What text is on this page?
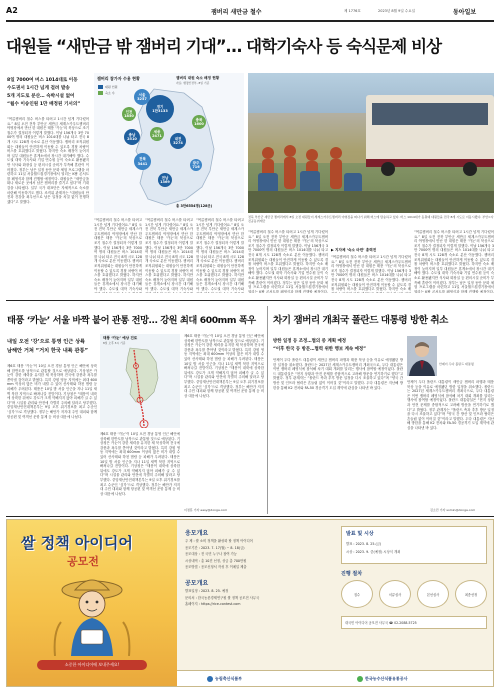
A2	잼버리 새만금 철수	제 1776호	2023년 8월 9일 수요일	동아일보
대원들 “새만금 밖 잼버리 기대”… 대학기숙사 등 숙식문제 비상
8일 7000여 버스 1014대로 이동
수도권서 1시간 넘게 걸려 발송
5개 지도로 분산… 숙박시설 없어
“월수 이송인원 1만 배정된 기서의”
“여름잼버리 철수 버스를 타려고 1시간 넘게 기다렸어요.” 8일 오전 전북 부안군 새만금 세계스카우트잼버리 야영장에서 만난 한 대원은 태풍 ‘카눈’의 북상으로 조기 철수가 결정되자 이렇게 말했다. 이날 156개국 3만 7000여 명의 대원들은 버스 1014대를 나눠 타고 전국 8개 시도 128개 숙소로 분산 이동했다. 잼버리 조직위원회는 대원들이 안전하게 이동할 수 있도록 경찰 차량이 버스를 호위했다고 밝혔다. 하지만 숙소 배정이 늦어지며 일부 대원들은 휴게소에서 장시간 대기해야 했다. 수도권 대학 기숙사와 기업 연수원 등이 숙소로 활용됐지만 식사와 화장실 등 편의시설 준비가 부족해 혼란이 이어졌다. 정부는 남은 일정 동안 문화 체험 프로그램을 마련하고 11일 서울월드컵경기장에서 열리는 K팝 콘서트를 폐영식과 함께 진행할 예정이다. 대원들은 “새만금을 떠나 새로운 곳에서 남은 잼버리를 즐기고 싶다”며 기대감을 나타냈다. 일부 국가 대표단은 자체적으로 숙소를 마련해 이동하기도 했다. 조직위 관계자는 “대원들의 안전과 건강을 최우선으로 남은 일정을 차질 없이 진행하겠다”고 말했다.
잼버리 참가자 수용 현황	잼버리 대원 숙소 배정 현황
자료: 행정안전부, 8일 기준
대원 인원
숙소 수
경기
1만3133
서울
3257
인천
1850
충남
2510
세종
2471
대전
3274
전북
3441
충북
1600
광주
716
전남
1369
총 3만6554명(128곳)
전북 부안군 새만금 잼버리에서 8일 오전 대원들이 세계스카우트잼버리 야영장을 떠나기 위해 버스에 탑승하고 있다. 버스 1014대가 동원돼 대원들을 전국 8개 시도로 이동시켰다. 부안=사진공동취재단
“여름잼버리 철수 버스를 타려고 1시간 넘게 기다렸어요.” 8일 오전 전북 부안군 새만금 세계스카우트잼버리 야영장에서 만난 한 대원은 태풍 ‘카눈’의 북상으로 조기 철수가 결정되자 이렇게 말했다. 이날 156개국 3만 7000여 명의 대원들은 버스 1014대를 나눠 타고 전국 8개 시도 128개 숙소로 분산 이동했다. 잼버리 조직위원회는 대원들이 안전하게 이동할 수 있도록 경찰 차량이 버스를 호위했다고 밝혔다. 하지만 숙소 배정이 늦어지며 일부 대원들은 휴게소에서 장시간 대기해야 했다. 수도권 대학 기숙사와
“여름잼버리 철수 버스를 타려고 1시간 넘게 기다렸어요.” 8일 오전 전북 부안군 새만금 세계스카우트잼버리 야영장에서 만난 한 대원은 태풍 ‘카눈’의 북상으로 조기 철수가 결정되자 이렇게 말했다. 이날 156개국 3만 7000여 명의 대원들은 버스 1014대를 나눠 타고 전국 8개 시도 128개 숙소로 분산 이동했다. 잼버리 조직위원회는 대원들이 안전하게 이동할 수 있도록 경찰 차량이 버스를 호위했다고 밝혔다. 하지만 숙소 배정이 늦어지며 일부 대원들은 휴게소에서 장시간 대기해야 했다. 수도권 대학 기숙사와
“여름잼버리 철수 버스를 타려고 1시간 넘게 기다렸어요.” 8일 오전 전북 부안군 새만금 세계스카우트잼버리 야영장에서 만난 한 대원은 태풍 ‘카눈’의 북상으로 조기 철수가 결정되자 이렇게 말했다. 이날 156개국 3만 7000여 명의 대원들은 버스 1014대를 나눠 타고 전국 8개 시도 128개 숙소로 분산 이동했다. 잼버리 조직위원회는 대원들이 안전하게 이동할 수 있도록 경찰 차량이 버스를 호위했다고 밝혔다. 하지만 숙소 배정이 늦어지며 일부 대원들은 휴게소에서 장시간 대기해야 했다. 수도권 대학 기숙사와
“여름잼버리 철수 버스를 타려고 1시간 넘게 기다렸어요.” 8일 오전 전북 부안군 새만금 세계스카우트잼버리 야영장에서 만난 한 대원은 태풍 ‘카눈’의 북상으로 조기 철수가 결정되자 이렇게 말했다. 이날 156개국 3만 7000여 명의 대원들은 버스 1014대를 나눠 타고 전국 8개 시도 128개 숙소로 분산 이동했다. 잼버리 조직위원회는 대원들이 안전하게 이동할 수 있도록 경찰 차량이 버스를 호위했다고 밝혔다. 하지만 숙소 배정이 늦어지며 일부 대원들은 휴게소에서 장시간 대기해야 했다. 수도권 대학 기숙사와 기업 연수원 등이 숙소로 활용됐지만 식사와 화장실 등 편의시설 준비가 부족해 혼란이 이어졌다. 정부는 남은 일정 동안 문화 체험 프로그램을 마련하고 11일 서울월드컵경기장에서 열리는 K팝 콘서트를 폐영식과 함께 진행할 예정이다.
▶ 지자체 ‘숙소 마련’ 총력전
“여름잼버리 철수 버스를 타려고 1시간 넘게 기다렸어요.” 8일 오전 전북 부안군 새만금 세계스카우트잼버리 야영장에서 만난 한 대원은 태풍 ‘카눈’의 북상으로 조기 철수가 결정되자 이렇게 말했다. 이날 156개국 3만 7000여 명의 대원들은 버스 1014대를 나눠 타고 전국 8개 시도 128개 숙소로 분산 이동했다. 잼버리 조직위원회는 대원들이 안전하게 이동할 수 있도록 경찰 차량이 버스를 호위했다고 밝혔다. 하지만 숙소 배
“여름잼버리 철수 버스를 타려고 1시간 넘게 기다렸어요.” 8일 오전 전북 부안군 새만금 세계스카우트잼버리 야영장에서 만난 한 대원은 태풍 ‘카눈’의 북상으로 조기 철수가 결정되자 이렇게 말했다. 이날 156개국 3만 7000여 명의 대원들은 버스 1014대를 나눠 타고 전국 8개 시도 128개 숙소로 분산 이동했다. 잼버리 조직위원회는 대원들이 안전하게 이동할 수 있도록 경찰 차량이 버스를 호위했다고 밝혔다. 하지만 숙소 배정이 늦어지며 일부 대원들은 휴게소에서 장시간 대기해야 했다. 수도권 대학 기숙사와 기업 연수원 등이 숙소로 활용됐지만 식사와 화장실 등 편의시설 준비가 부족해 혼란이 이어졌다. 정부는 남은 일정 동안 문화 체험 프로그램을 마련하고 11일 서울월드컵경기장에서 열리는 K팝 콘서트를 폐영식과 함께 진행할 예정이다.
태풍 ‘카눈’ 서울 바짝 붙어 관통 전망… 강원 최대 600mm 폭우
내일 오전 ‘강’으로 통영 인근 상륙
남해안 거쳐 “거치 한국 내륙 관통”
제6호 태풍 ‘카눈’이 10일 오전 경남 통영 인근 해안에 상륙해 한반도를 남북으로 관통할 것으로 예상된다. 기상청은 카눈이 강한 세력을 유지한 채 북상하며 전국에 강풍과 폭우를 쏟아낼 것이라고 밝혔다. 특히 강원 영동 지역에는 최대 600mm 이상의 많은 비가 내릴 수 있어 산사태와 하천 범람 등 피해가 우려된다. 태풍은 10일 밤 서울 인근을 지나 11일 새벽 북한 지역으로 빠져나갈 전망이다. 기상청은 “태풍이 내륙에 상륙한 뒤에도 강도가 크게 약해지지 않아 피해가 클 수 있다”며 시설물 관리와 안전에 각별히 주의해 달라고 당부했다. 중앙재난안전대책본부는 9일 오후 위기경보를 최고 수준인 ‘심각’으로 격상했다. 정부는 해안가 저지대 주민 대피와 함께 항공편 및 여객선 운항 통제 등 비상 대응에 나섰다.
태풍 ‘카눈’ 예상 진로
8일 오후 3시 기준
제6호 태풍 ‘카눈’이 10일 오전 경남 통영 인근 해안에 상륙해 한반도를 남북으로 관통할 것으로 예상된다. 기상청은 카눈이 강한 세력을 유지한 채 북상하며 전국에 강풍과 폭우를 쏟아낼 것이라고 밝혔다. 특히 강원 영동 지역에는 최대 600mm 이상의 많은 비가 내릴 수 있어 산사태와 하천 범람 등 피해가 우려된다. 태풍은 10일 밤 서울 인근을 지나 11일 새벽 북한 지역으로 빠져나갈 전망이다. 기상청은 “태풍이 내륙에 상륙한 뒤에도 강도가 크게 약해지지 않아 피해가 클 수 있다”며 시설물 관리와 안전에 각별히 주의해 달라고 당부했다. 중앙재난안전대책본부는 9일 오후 위기경보를 최고 수준인 ‘심각’으로 격상했다. 정부는 해안가 저지대 주민 대피와 함께 항공편 및 여객선 운항 통제 등 비상 대응에 나섰다.
제6호 태풍 ‘카눈’이 10일 오전 경남 통영 인근 해안에 상륙해 한반도를 남북으로 관통할 것으로 예상된다. 기상청은 카눈이 강한 세력을 유지한 채 북상하며 전국에 강풍과 폭우를 쏟아낼 것이라고 밝혔다. 특히 강원 영동 지역에는 최대 600mm 이상의 많은 비가 내릴 수 있어 산사태와 하천 범람 등 피해가 우려된다. 태풍은 10일 밤 서울 인근을 지나 11일 새벽 북한 지역으로 빠져나갈 전망이다. 기상청은 “태풍이 내륙에 상륙한 뒤에도 강도가 크게 약해지지 않아 피해가 클 수 있다”며 시설물 관리와 안전에 각별히 주의해 달라고 당부했다. 중앙재난안전대책본부는 9일 오후 위기경보를 최고 수준인 ‘심각’으로 격상했다. 정부는 해안가 저지대 주민 대피와 함께 항공편 및 여객선 운항 통제 등 비상 대응에 나섰다.
이정훈 기자 easy@donga.com
차기 잼버리 개최국 폴란드 대통령 방한 취소
방한 일정 등 조정…협의 중 계획 예정
“이후 한국 등 방문…협력 위한 행보 계속 예정”
안제이 두다 폴란드 대통령
안제이 두다 폴란드 대통령이 새만금 잼버리 파행과 태풍 북상 등을 이유로 예정됐던 방한 일정을 취소했다. 폴란드는 2027년 세계스카우트잼버리 개최국으로, 두다 대통령은 이번 잼버리 폐영식에 참석해 차기 대회 개최를 알리는 행사에 참여할 예정이었다. 폴란드 대통령실은 “현지 상황과 안전 문제를 종합적으로 고려해 방문을 연기하기로 했다”고 밝혔다. 정부 관계자는 “폴란드 측과 추후 방문 일정을 다시 조율하고 있다”며 “양국 간 방산 및 인프라 협력은 흔들림 없이 이어질 것”이라고 말했다. 두다 대통령은 지난해 방한을 통해 K2 전차와 FA-50 경공격기 도입 계약에 관심을 나타낸 바 있다.
안제이 두다 폴란드 대통령이 새만금 잼버리 파행과 태풍 북상 등을 이유로 예정됐던 방한 일정을 취소했다. 폴란드는 2027년 세계스카우트잼버리 개최국으로, 두다 대통령은 이번 잼버리 폐영식에 참석해 차기 대회 개최를 알리는 행사에 참여할 예정이었다. 폴란드 대통령실은 “현지 상황과 안전 문제를 종합적으로 고려해 방문을 연기하기로 했다”고 밝혔다. 정부 관계자는 “폴란드 측과 추후 방문 일정을 다시 조율하고 있다”며 “양국 간 방산 및 인프라 협력은 흔들림 없이 이어질 것”이라고 말했다. 두다 대통령은 지난해 방한을 통해 K2 전차와 FA-50 경공격기 도입 계약에 관심을 나타낸 바 있다.
김소민 기자 somin@donga.com
쌀 정책 아이디어
공모전
소중한 아이디어에 보내주세요!
응모개요
주 제 : 쌀 소비 정책을 활성화 할 정책 아이디어
응모기간 : 2023. 7. 17(월) ~ 8. 18(금)
응모대상 : 전 국민 누구나 참여 가능
시상내역 : 총 10건 선정, 상금 총 700만원
응모방법 : 응모신청서 작성 후 이메일 제출
공모개요
발표일정 : 2023. 8. 25. 예정
문의처 : 한국농촌경제연구원 쌀 정책 공모전 사무국
홈페이지 : https://rice-contest.com
발표 및 시상
발표 : 2023. 8. 25.(금)
시상 : 2023. 9. 중(예정) 시상식 개최
진행 절차
접수	서류심사	본선심사	최종선정
대국민 아이디어 공모전 사무국 ☎ 02-2088-5725
농림축산식품부	한국농수산식품유통공사
